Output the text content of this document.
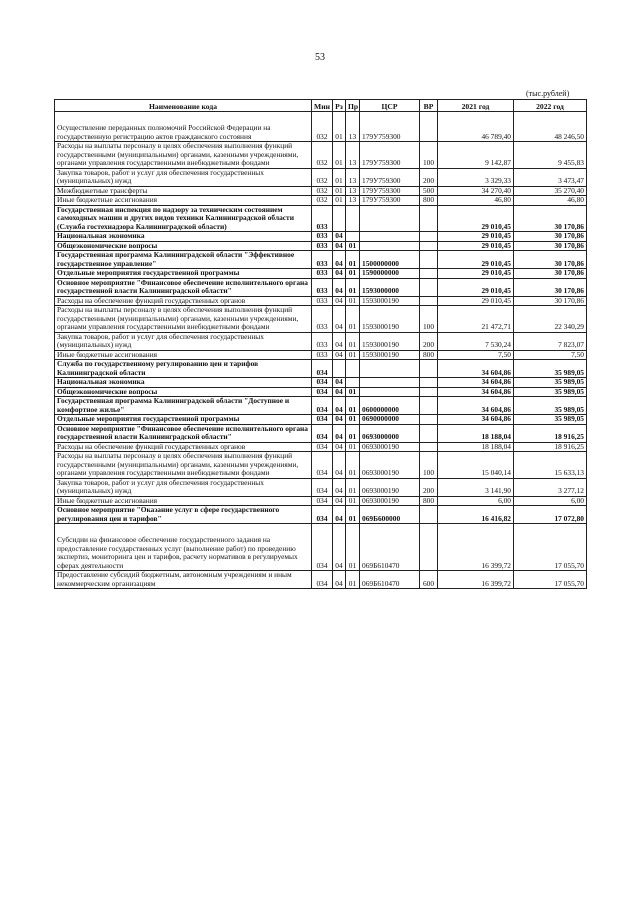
53
(тыс.рублей)
Наименование кода	Мин	Рз	Пр	ЦСР	ВР	2021 год	2022 год
Осуществление переданных полномочий Российской Федерации на государственную регистрацию актов гражданского состояния	032	01	13	179У759300		46 789,40	48 246,50
Расходы на выплаты персоналу в целях обеспечения выполнения функций государственными (муниципальными) органами, казенными учреждениями, органами управления государственными внебюджетными фондами	032	01	13	179У759300	100	9 142,87	9 455,83
Закупка товаров, работ и услуг для обеспечения государственных (муниципальных) нужд	032	01	13	179У759300	200	3 329,33	3 473,47
Межбюджетные трансферты	032	01	13	179У759300	500	34 270,40	35 270,40
Иные бюджетные ассигнования	032	01	13	179У759300	800	46,80	46,80
Государственная инспекция по надзору за техническим состоянием самоходных машин и других видов техники Калининградской области (Служба гостехнадзора Калининградской области)	033					29 010,45	30 170,86
Национальная экономика	033	04				29 010,45	30 170,86
Общеэкономические вопросы	033	04	01			29 010,45	30 170,86
Государственная программа Калининградской области "Эффективное государственное управление"	033	04	01	1500000000		29 010,45	30 170,86
Отдельные мероприятия государственной программы	033	04	01	1590000000		29 010,45	30 170,86
Основное мероприятие "Финансовое обеспечение исполнительного органа государственной власти Калининградской области"	033	04	01	1593000000		29 010,45	30 170,86
Расходы на обеспечение функций государственных органов	033	04	01	1593000190		29 010,45	30 170,86
Расходы на выплаты персоналу в целях обеспечения выполнения функций государственными (муниципальными) органами, казенными учреждениями, органами управления государственными внебюджетными фондами	033	04	01	1593000190	100	21 472,71	22 340,29
Закупка товаров, работ и услуг для обеспечения государственных (муниципальных) нужд	033	04	01	1593000190	200	7 530,24	7 823,07
Иные бюджетные ассигнования	033	04	01	1593000190	800	7,50	7,50
Служба по государственному регулированию цен и тарифов Калининградской области	034					34 604,86	35 989,05
Национальная экономика	034	04				34 604,86	35 989,05
Общеэкономические вопросы	034	04	01			34 604,86	35 989,05
Государственная программа Калининградской области "Доступное и комфортное жилье"	034	04	01	0600000000		34 604,86	35 989,05
Отдельные мероприятия государственной программы	034	04	01	0690000000		34 604,86	35 989,05
Основное мероприятие "Финансовое обеспечение исполнительного органа государственной власти Калининградской области"	034	04	01	0693000000		18 188,04	18 916,25
Расходы на обеспечение функций государственных органов	034	04	01	0693000190		18 188,04	18 916,25
Расходы на выплаты персоналу в целях обеспечения выполнения функций государственными (муниципальными) органами, казенными учреждениями, органами управления государственными внебюджетными фондами	034	04	01	0693000190	100	15 040,14	15 633,13
Закупка товаров, работ и услуг для обеспечения государственных (муниципальных) нужд	034	04	01	0693000190	200	3 141,90	3 277,12
Иные бюджетные ассигнования	034	04	01	0693000190	800	6,00	6,00
Основное мероприятие "Оказание услуг в сфере государственного регулирования цен и тарифов"	034	04	01	069Б600000		16 416,82	17 072,80
Субсидии на финансовое обеспечение государственного задания на предоставление государственных услуг (выполнение работ) по проведению экспертиз, мониторинга цен и тарифов, расчету нормативов в регулируемых сферах деятельности	034	04	01	069Б610470		16 399,72	17 055,70
Предоставление субсидий бюджетным, автономным учреждениям и иным некоммерческим организациям	034	04	01	069Б610470	600	16 399,72	17 055,70
